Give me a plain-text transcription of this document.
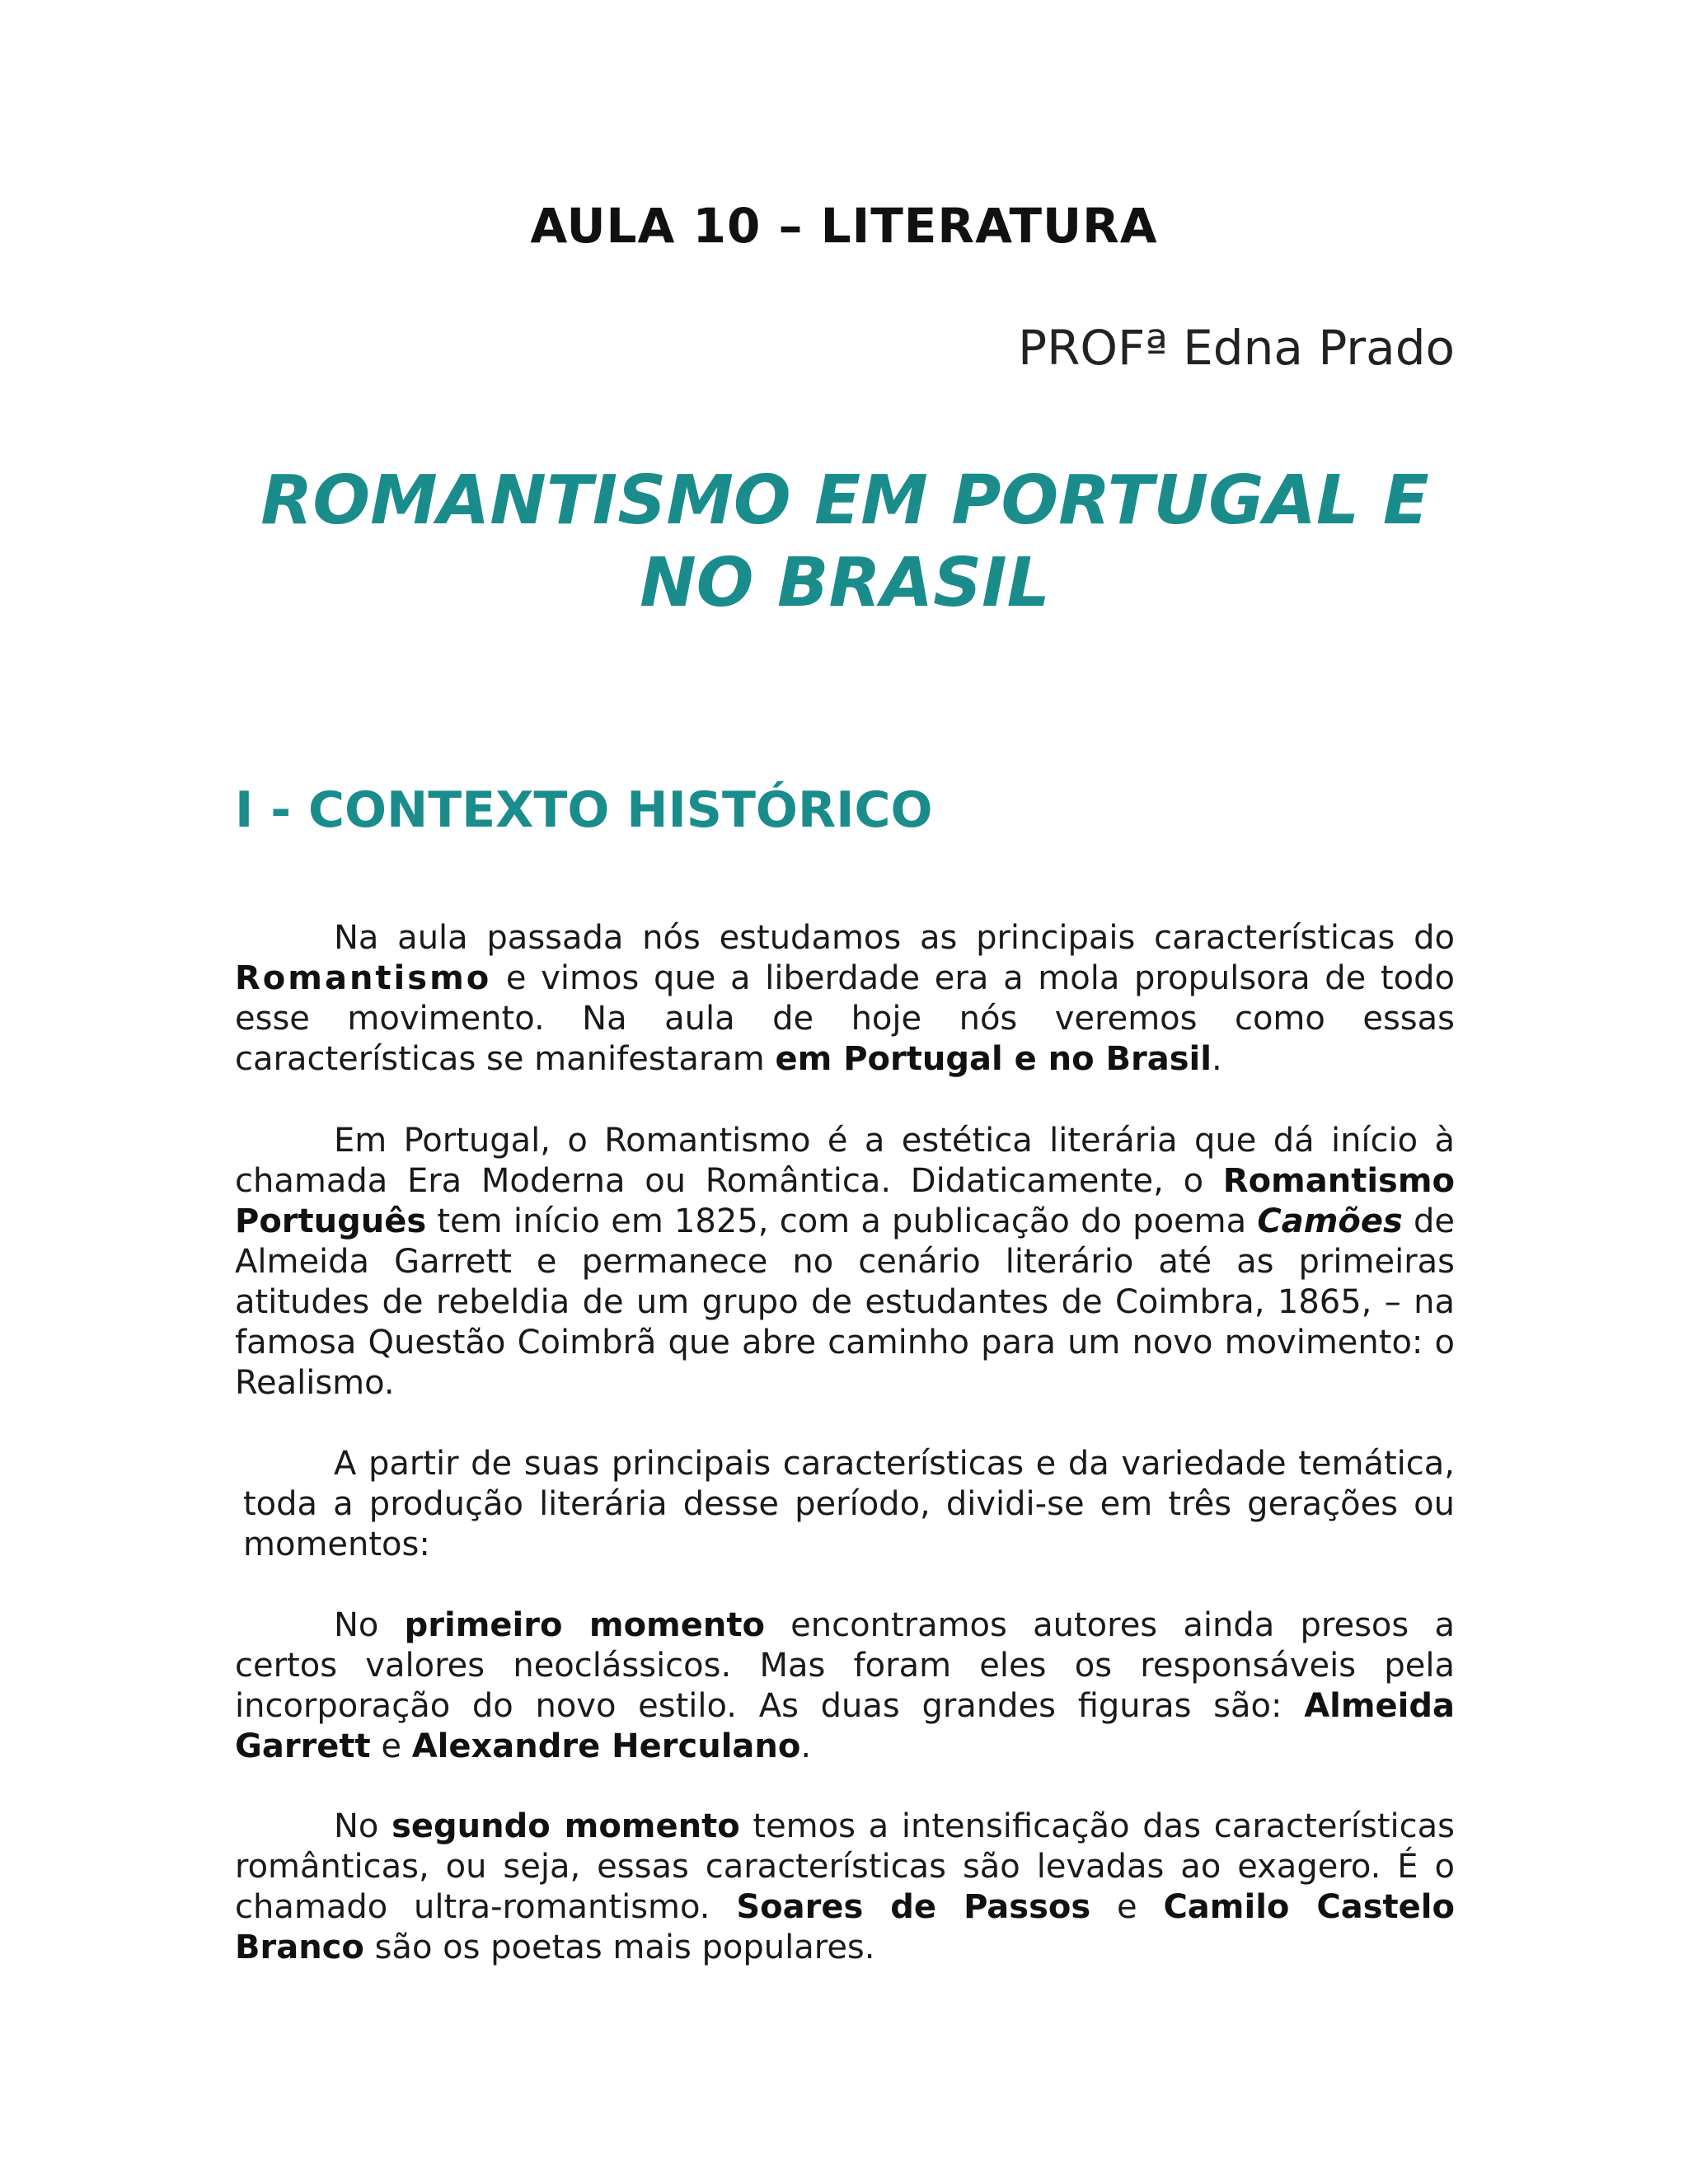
AULA 10 – LITERATURA
PROFª Edna Prado
ROMANTISMO EM PORTUGAL E
NO BRASIL
I - CONTEXTO HISTÓRICO

Na aula passada nós estudamos as principais características do Romantismo e vimos que a liberdade era a mola propulsora de todo esse movimento. Na aula de hoje nós veremos como essas características se manifestaram em Portugal e no Brasil.

Em Portugal, o Romantismo é a estética literária que dá início à chamada Era Moderna ou Romântica. Didaticamente, o Romantismo Português tem início em 1825, com a publicação do poema Camões de Almeida Garrett e permanece no cenário literário até as primeiras atitudes de rebeldia de um grupo de estudantes de Coimbra, 1865, – na famosa Questão Coimbrã que abre caminho para um novo movimento: o Realismo.

A partir de suas principais características e da variedade temática, toda a produção literária desse período, dividi-se em três gerações ou momentos:

No primeiro momento encontramos autores ainda presos a certos valores neoclássicos. Mas foram eles os responsáveis pela incorporação do novo estilo. As duas grandes figuras são: Almeida Garrett e Alexandre Herculano.

No segundo momento temos a intensificação das características românticas, ou seja, essas características são levadas ao exagero. É o chamado ultra-romantismo. Soares de Passos e Camilo Castelo Branco são os poetas mais populares.
